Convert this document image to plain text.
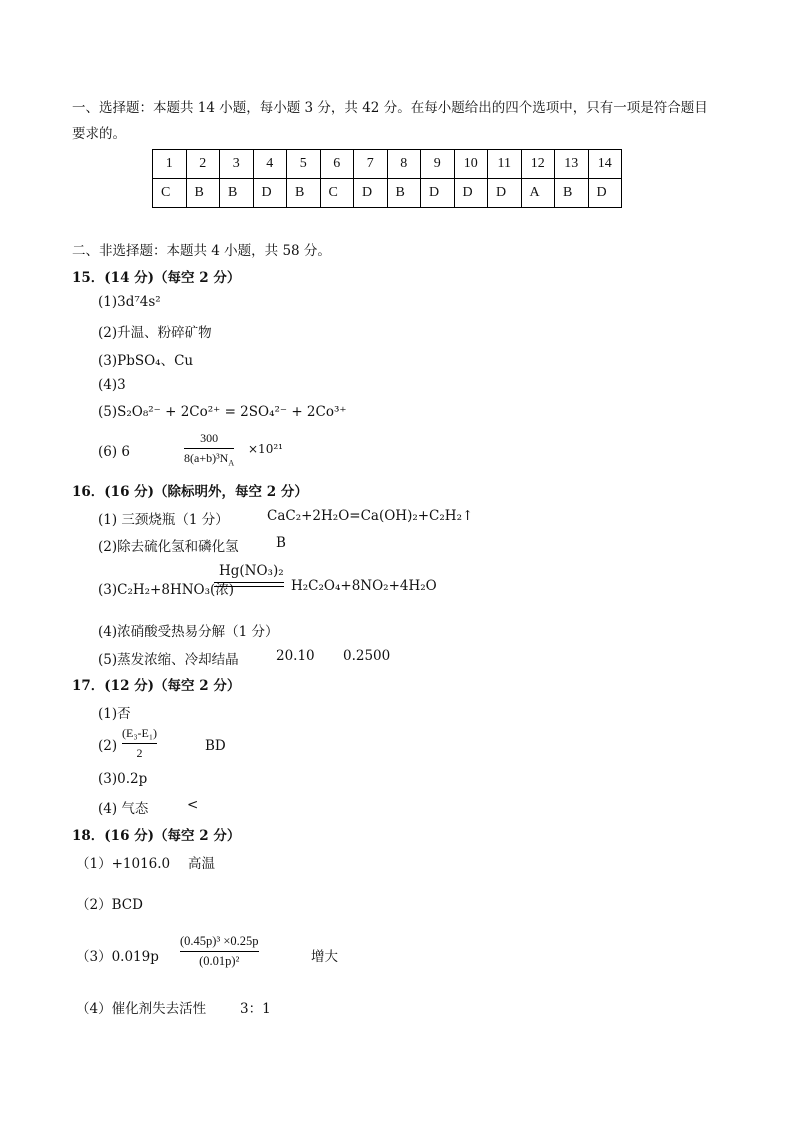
一、选择题：本题共 14 小题，每小题 3 分，共 42 分。在每小题给出的四个选项中，只有一项是符合题目
要求的。
1	2	3	4	5	6	7	8	9	10	11	12	13	14
C	B	B	D	B	C	D	B	D	D	D	A	B	D
二、非选择题：本题共 4 小题，共 58 分。
15．(14 分)（每空 2 分）
(1)3d⁷4s²
(2)升温、粉碎矿物
(3)PbSO₄、Cu
(4)3
(5)S₂O₈²⁻ + 2Co²⁺ = 2SO₄²⁻ + 2Co³⁺
(6) 6
300
$8(a+b)^3N_A$
×10²¹
16．(16 分)（除标明外，每空 2 分）
(1) 三颈烧瓶（1 分）	CaC₂+2H₂O=Ca(OH)₂+C₂H₂↑
(2)除去硫化氢和磷化氢	B
(3)C₂H₂+8HNO₃(浓)
Hg(NO₃)₂
H₂C₂O₄+8NO₂+4H₂O
(4)浓硝酸受热易分解（1 分）
(5)蒸发浓缩、冷却结晶	20.10 0.2500
17．(12 分)（每空 2 分）
(1)否
(2)
(E₃-E₁)
2	BD
(3)0.2p
(4) 气态	<
18．(16 分)（每空 2 分）
（1）+1016.0 高温
（2）BCD
（3）0.019p
(0.45p)³ ×0.25p
(0.01p)²	增大
（4）催化剂失去活性	3：1
